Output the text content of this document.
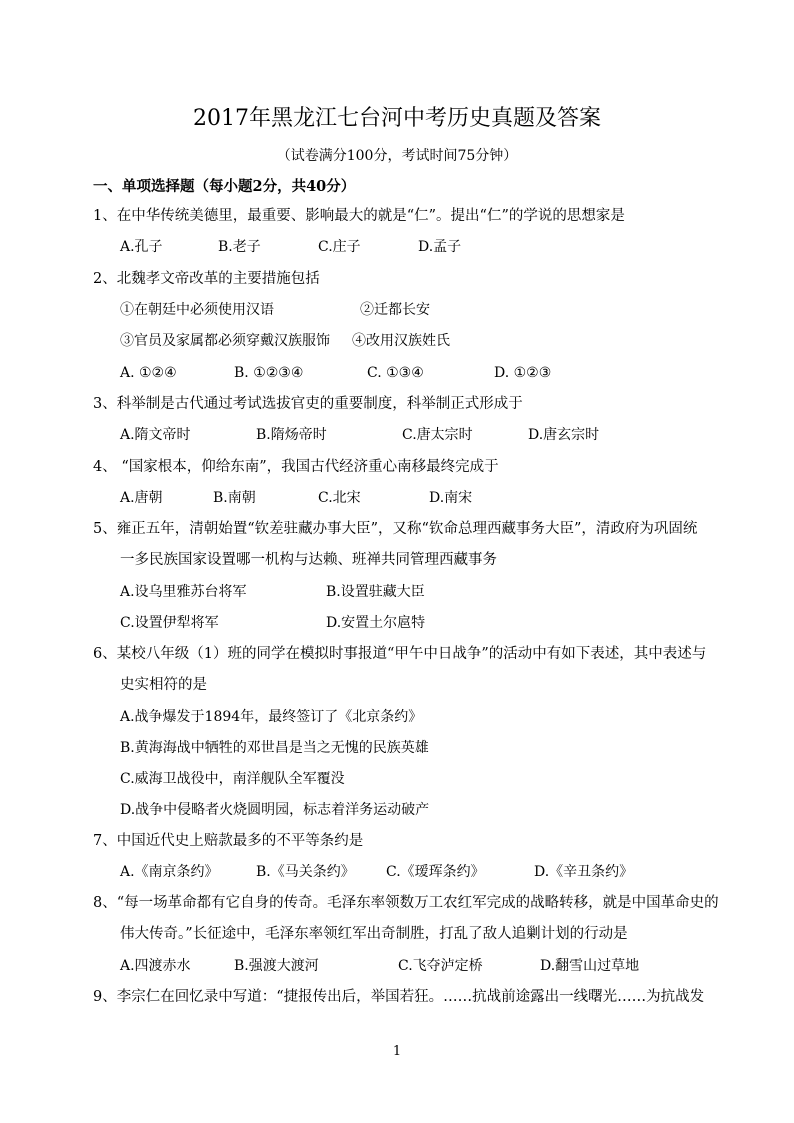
2017年黑龙江七台河中考历史真题及答案
（试卷满分100分，考试时间75分钟）
一、单项选择题（每小题2分，共40分）
1、在中华传统美德里，最重要、影响最大的就是“仁”。提出“仁”的学说的思想家是
A.孔子	B.老子	C.庄子	D.孟子
2、北魏孝文帝改革的主要措施包括
①在朝廷中必须使用汉语	②迁都长安
③官员及家属都必须穿戴汉族服饰 ④改用汉族姓氏
A. ①②④	B. ①②③④	C. ①③④	D. ①②③
3、科举制是古代通过考试选拔官吏的重要制度，科举制正式形成于
A.隋文帝时	B.隋炀帝时	C.唐太宗时	D.唐玄宗时
4、 “国家根本，仰给东南”，我国古代经济重心南移最终完成于
A.唐朝	B.南朝	C.北宋	D.南宋
5、雍正五年，清朝始置“钦差驻藏办事大臣”，又称“钦命总理西藏事务大臣”，清政府为巩固统
一多民族国家设置哪一机构与达赖、班禅共同管理西藏事务
A.设乌里雅苏台将军	B.设置驻藏大臣
C.设置伊犁将军	D.安置土尔扈特
6、某校八年级（1）班的同学在模拟时事报道“甲午中日战争”的活动中有如下表述，其中表述与
史实相符的是
A.战争爆发于1894年，最终签订了《北京条约》
B.黄海海战中牺牲的邓世昌是当之无愧的民族英雄
C.威海卫战役中，南洋舰队全军覆没
D.战争中侵略者火烧圆明园，标志着洋务运动破产
7、中国近代史上赔款最多的不平等条约是
A.《南京条约》	B.《马关条约》 C.《瑷珲条约》	D.《辛丑条约》
8、“每一场革命都有它自身的传奇。毛泽东率领数万工农红军完成的战略转移，就是中国革命史的
伟大传奇。”长征途中，毛泽东率领红军出奇制胜，打乱了敌人追剿计划的行动是
A.四渡赤水	B.强渡大渡河	C.飞夺泸定桥	D.翻雪山过草地
9、李宗仁在回忆录中写道：“捷报传出后，举国若狂。……抗战前途露出一线曙光……为抗战发
1
